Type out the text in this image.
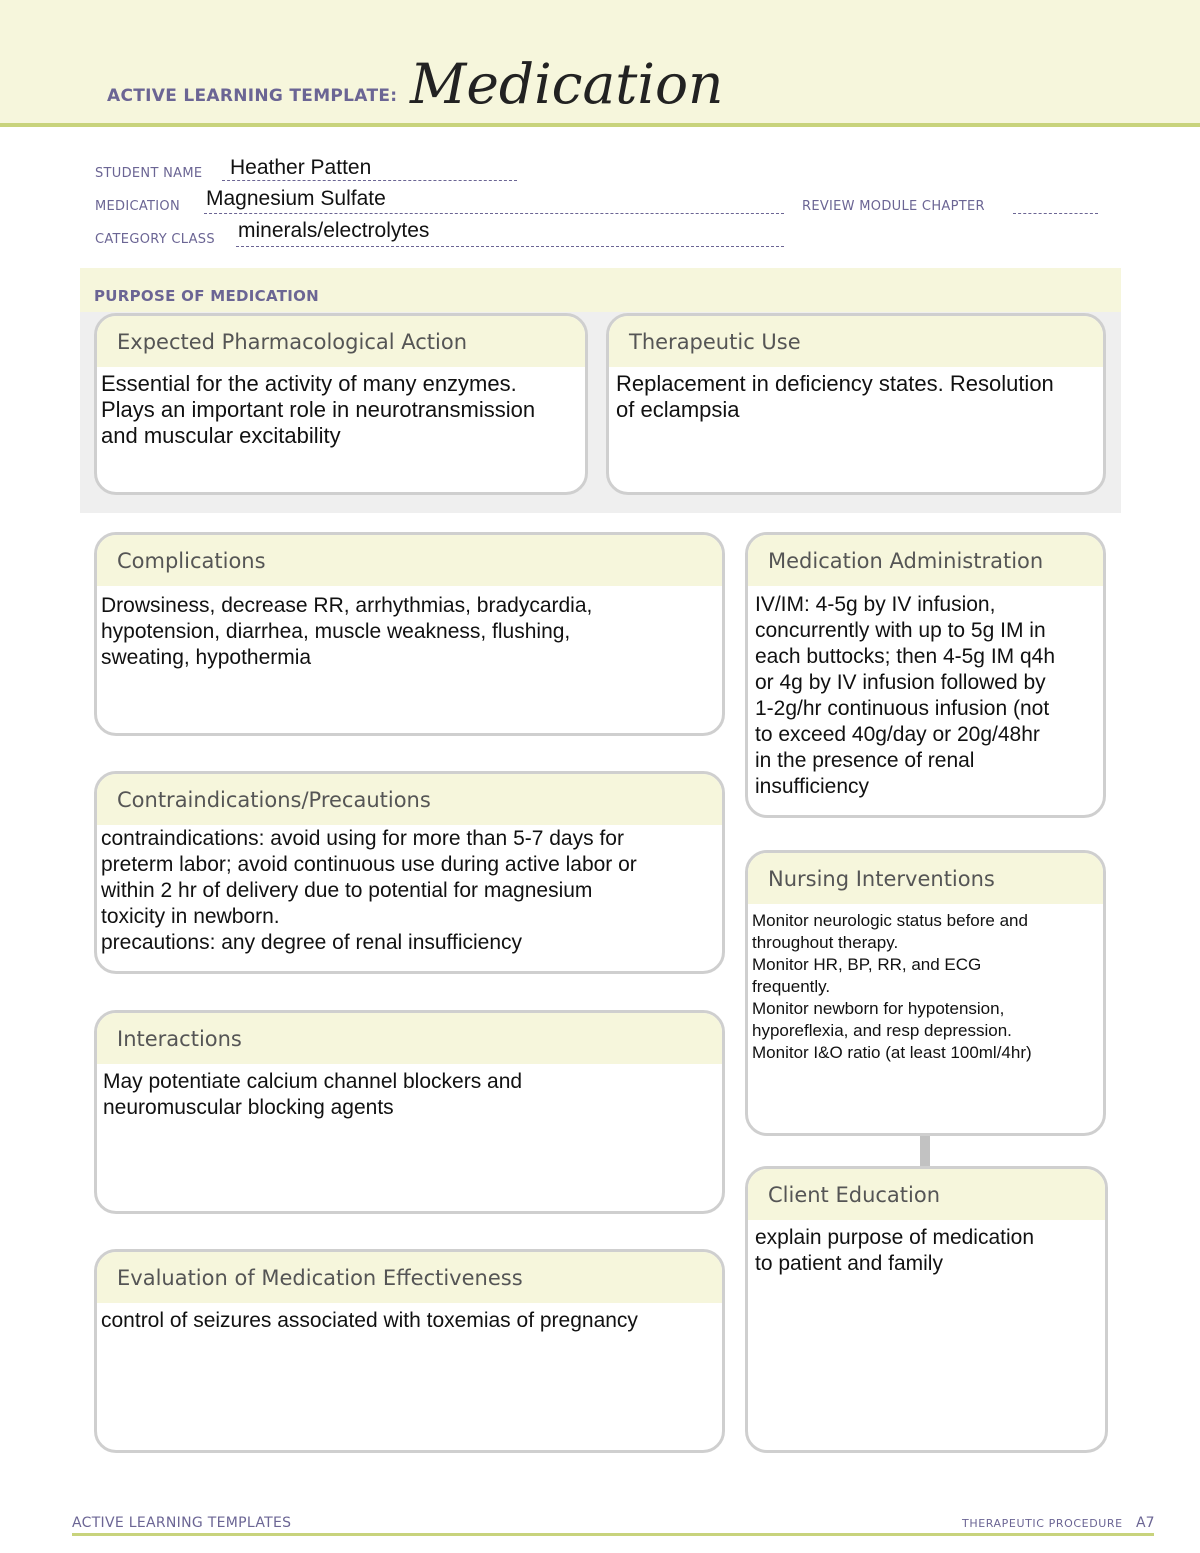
ACTIVE LEARNING TEMPLATE: Medication
STUDENT NAME Heather Patten
MEDICATION Magnesium Sulfate	REVIEW MODULE CHAPTER
CATEGORY CLASS minerals/electrolytes
PURPOSE OF MEDICATION
Expected Pharmacological Action

Essential for the activity of many enzymes.

Plays an important role in neurotransmission

and muscular excitability

Therapeutic Use

Replacement in deficiency states. Resolution

of eclampsia

Complications

Drowsiness, decrease RR, arrhythmias, bradycardia,

hypotension, diarrhea, muscle weakness, flushing,

sweating, hypothermia

Medication Administration

IV/IM: 4-5g by IV infusion,

concurrently with up to 5g IM in

each buttocks; then 4-5g IM q4h

or 4g by IV infusion followed by

1-2g/hr continuous infusion (not

to exceed 40g/day or 20g/48hr

in the presence of renal

insufficiency

Contraindications/Precautions

contraindications: avoid using for more than 5-7 days for

preterm labor; avoid continuous use during active labor or

within 2 hr of delivery due to potential for magnesium

toxicity in newborn.

precautions: any degree of renal insufficiency

Nursing Interventions

Monitor neurologic status before and

throughout therapy.

Monitor HR, BP, RR, and ECG

frequently.

Monitor newborn for hypotension,

hyporeflexia, and resp depression.

Monitor I&O ratio (at least 100ml/4hr)

Interactions

May potentiate calcium channel blockers and

neuromuscular blocking agents

Client Education

explain purpose of medication

to patient and family

Evaluation of Medication Effectiveness

control of seizures associated with toxemias of pregnancy

ACTIVE LEARNING TEMPLATES	THERAPEUTIC PROCEDURE A7
